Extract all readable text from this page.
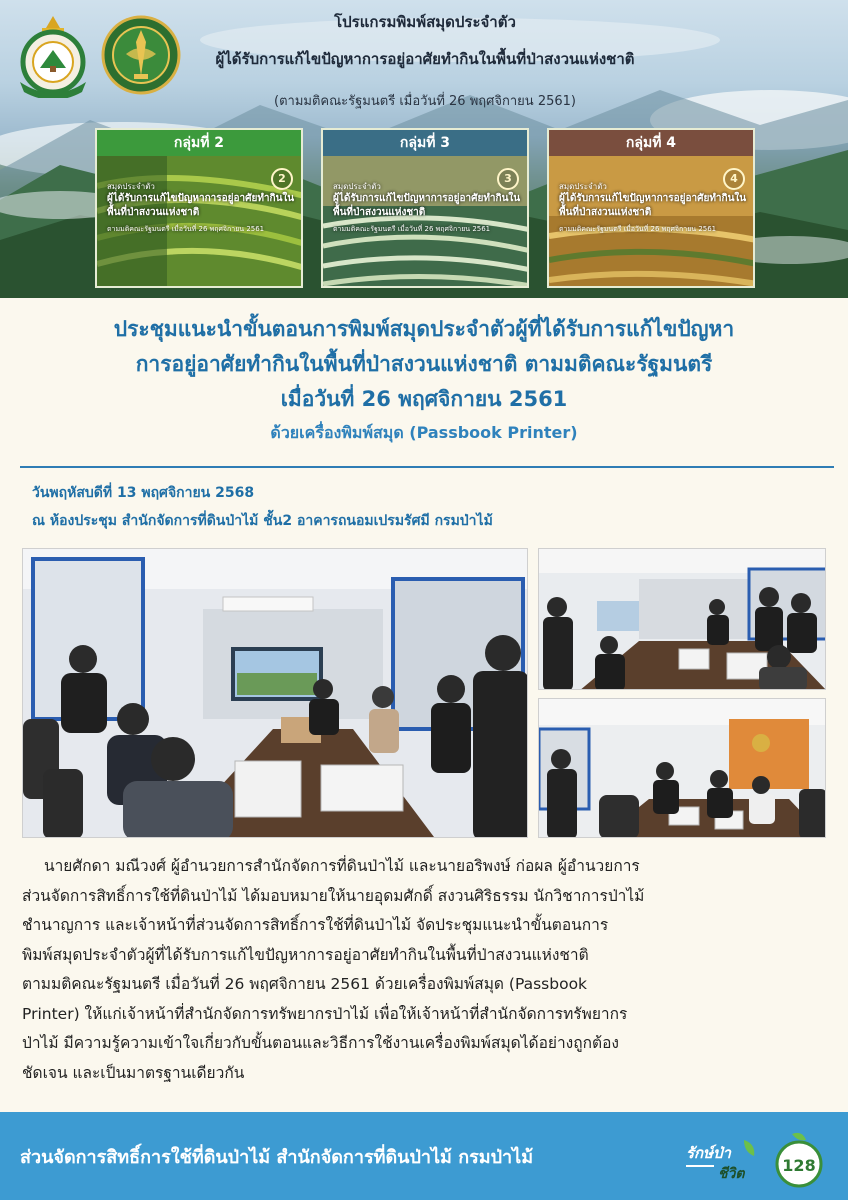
โปรแกรมพิมพ์สมุดประจำตัว
ผู้ได้รับการแก้ไขปัญหาการอยู่อาศัยทำกินในพื้นที่ป่าสงวนแห่งชาติ
(ตามมติคณะรัฐมนตรี เมื่อวันที่ 26 พฤศจิกายน 2561)
กลุ่มที่ 2
2
สมุดประจำตัว
ผู้ได้รับการแก้ไขปัญหาการอยู่อาศัยทำกินในพื้นที่ป่าสงวนแห่งชาติ
ตามมติคณะรัฐมนตรี เมื่อวันที่ 26 พฤศจิกายน 2561
กลุ่มที่ 3
3
สมุดประจำตัว
ผู้ได้รับการแก้ไขปัญหาการอยู่อาศัยทำกินในพื้นที่ป่าสงวนแห่งชาติ
ตามมติคณะรัฐมนตรี เมื่อวันที่ 26 พฤศจิกายน 2561
กลุ่มที่ 4
4
สมุดประจำตัว
ผู้ได้รับการแก้ไขปัญหาการอยู่อาศัยทำกินในพื้นที่ป่าสงวนแห่งชาติ
ตามมติคณะรัฐมนตรี เมื่อวันที่ 26 พฤศจิกายน 2561
ประชุมแนะนำขั้นตอนการพิมพ์สมุดประจำตัวผู้ที่ได้รับการแก้ไขปัญหา
การอยู่อาศัยทำกินในพื้นที่ป่าสงวนแห่งชาติ ตามมติคณะรัฐมนตรี
เมื่อวันที่ 26 พฤศจิกายน 2561
ด้วยเครื่องพิมพ์สมุด (Passbook Printer)
วันพฤหัสบดีที่ 13 พฤศจิกายน 2568
ณ ห้องประชุม สำนักจัดการที่ดินป่าไม้ ชั้น2 อาคารถนอมเปรมรัศมี กรมป่าไม้
นายศักดา มณีวงศ์ ผู้อำนวยการสำนักจัดการที่ดินป่าไม้ และนายอริพงษ์ ก่อผล ผู้อำนวยการ
ส่วนจัดการสิทธิ์การใช้ที่ดินป่าไม้ ได้มอบหมายให้นายอุดมศักดิ์ สงวนศิริธรรม นักวิชาการป่าไม้
ชำนาญการ และเจ้าหน้าที่ส่วนจัดการสิทธิ์การใช้ที่ดินป่าไม้ จัดประชุมแนะนำขั้นตอนการ
พิมพ์สมุดประจำตัวผู้ที่ได้รับการแก้ไขปัญหาการอยู่อาศัยทำกินในพื้นที่ป่าสงวนแห่งชาติ
ตามมติคณะรัฐมนตรี เมื่อวันที่ 26 พฤศจิกายน 2561 ด้วยเครื่องพิมพ์สมุด (Passbook
Printer) ให้แก่เจ้าหน้าที่สำนักจัดการทรัพยากรป่าไม้ เพื่อให้เจ้าหน้าที่สำนักจัดการทรัพยากร
ป่าไม้ มีความรู้ความเข้าใจเกี่ยวกับขั้นตอนและวิธีการใช้งานเครื่องพิมพ์สมุดได้อย่างถูกต้อง
ชัดเจน และเป็นมาตรฐานเดียวกัน
ส่วนจัดการสิทธิ์การใช้ที่ดินป่าไม้ สำนักจัดการที่ดินป่าไม้ กรมป่าไม้	รักษ์ป่า
ชีวิต 128
